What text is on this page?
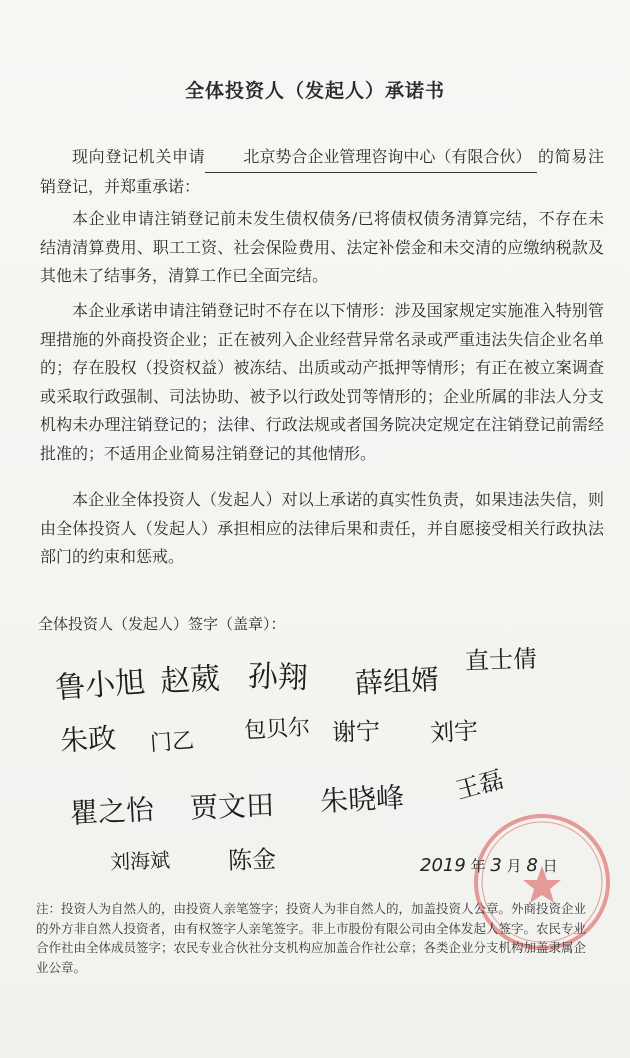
全体投资人（发起人）承诺书
现向登记机关申请 北京势合企业管理咨询中心（有限合伙） 的简易注销登记，并郑重承诺：
本企业申请注销登记前未发生债权债务/已将债权债务清算完结，不存在未结清清算费用、职工工资、社会保险费用、法定补偿金和未交清的应缴纳税款及其他未了结事务，清算工作已全面完结。
本企业承诺申请注销登记时不存在以下情形：涉及国家规定实施准入特别管理措施的外商投资企业；正在被列入企业经营异常名录或严重违法失信企业名单的；存在股权（投资权益）被冻结、出质或动产抵押等情形；有正在被立案调查或采取行政强制、司法协助、被予以行政处罚等情形的；企业所属的非法人分支机构未办理注销登记的；法律、行政法规或者国务院决定规定在注销登记前需经批准的；不适用企业简易注销登记的其他情形。
本企业全体投资人（发起人）对以上承诺的真实性负责，如果违法失信，则由全体投资人（发起人）承担相应的法律后果和责任，并自愿接受相关行政执法部门的约束和惩戒。
全体投资人（发起人）签字（盖章）：
鲁小旭 赵葳 孙翔 薛组婿
直士倩
朱政 门乙 包贝尔 谢宁 刘宇
瞿之怡 贾文田 朱晓峰 王磊
刘海斌 陈金	2019 年 3 月 8 日
注：投资人为自然人的，由投资人亲笔签字；投资人为非自然人的，加盖投资人公章。外商投资企业的外方非自然人投资者，由有权签字人亲笔签字。非上市股份有限公司由全体发起人签字。农民专业合作社由全体成员签字；农民专业合伙社分支机构应加盖合作社公章；各类企业分支机构加盖隶属企业公章。
